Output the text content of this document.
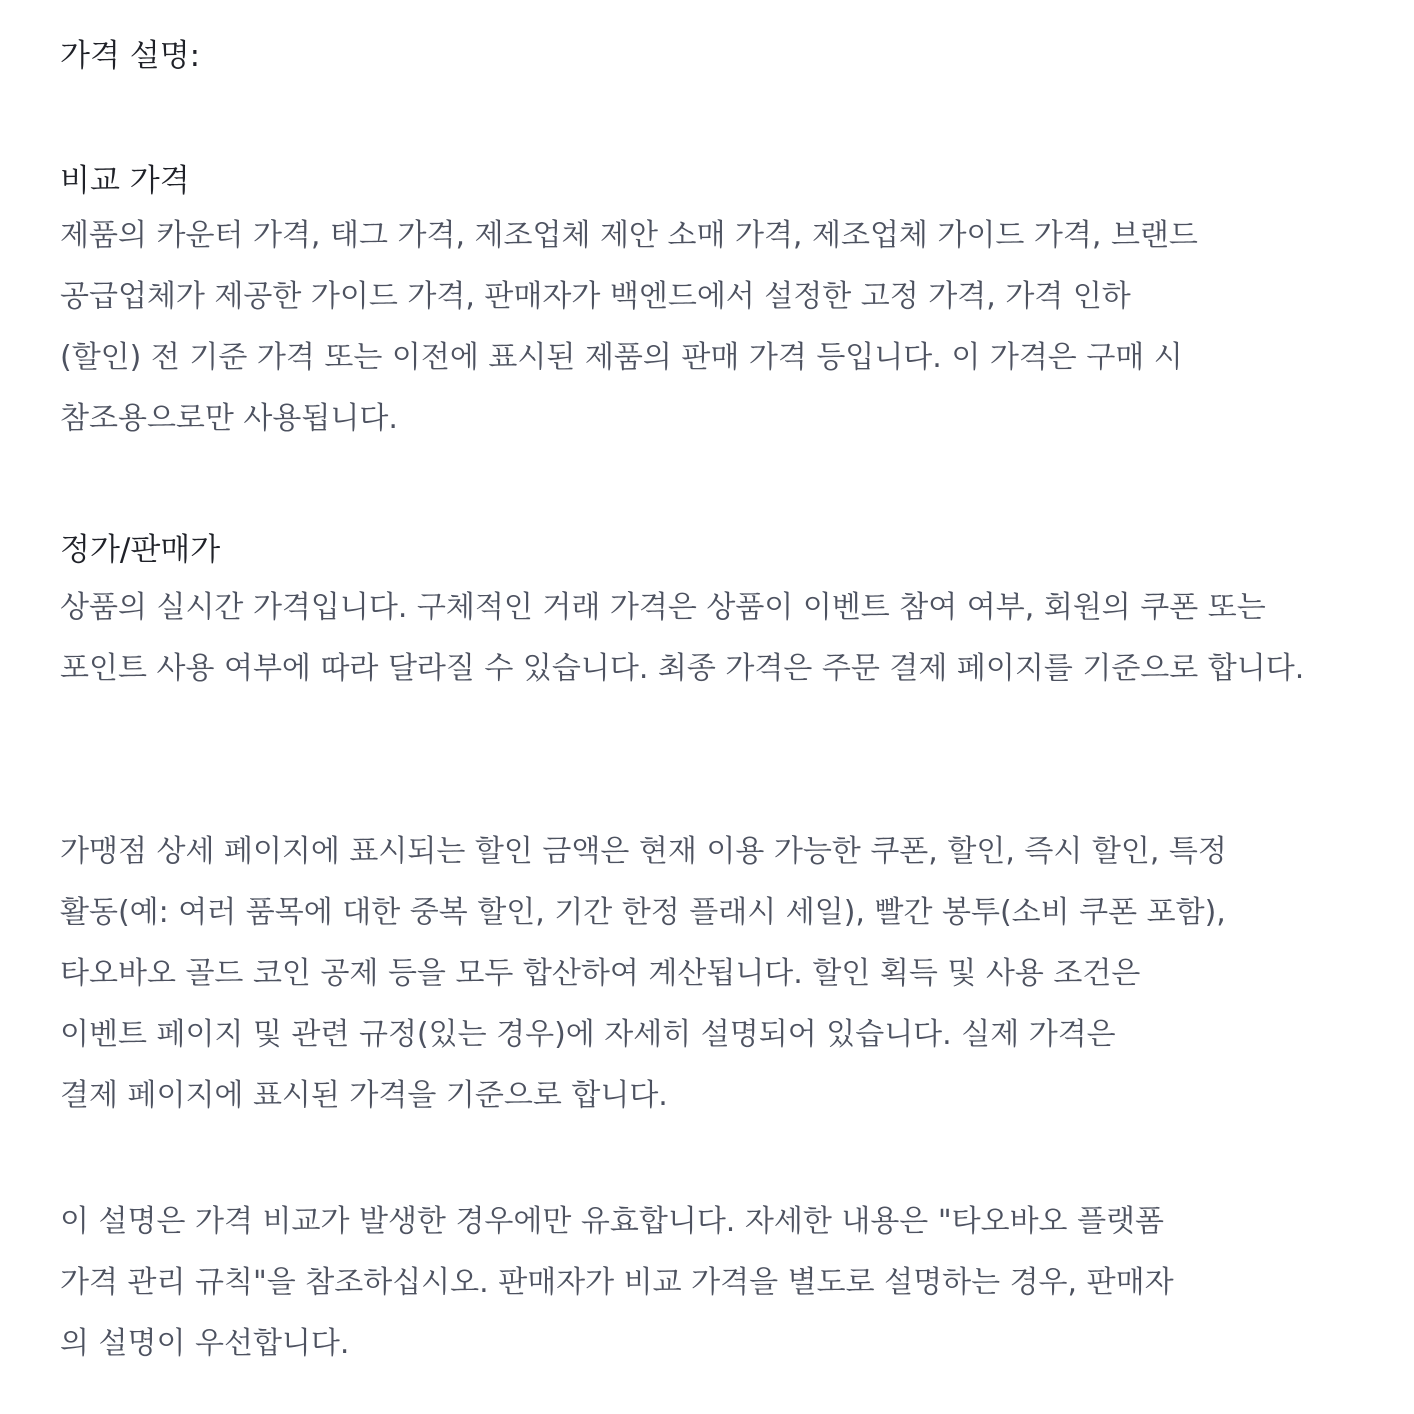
가격 설명:
비교 가격
제품의 카운터 가격, 태그 가격, 제조업체 제안 소매 가격, 제조업체 가이드 가격, 브랜드
공급업체가 제공한 가이드 가격, 판매자가 백엔드에서 설정한 고정 가격, 가격 인하
(할인) 전 기준 가격 또는 이전에 표시된 제품의 판매 가격 등입니다. 이 가격은 구매 시
참조용으로만 사용됩니다.
정가/판매가
상품의 실시간 가격입니다. 구체적인 거래 가격은 상품이 이벤트 참여 여부, 회원의 쿠폰 또는
포인트 사용 여부에 따라 달라질 수 있습니다. 최종 가격은 주문 결제 페이지를 기준으로 합니다.
가맹점 상세 페이지에 표시되는 할인 금액은 현재 이용 가능한 쿠폰, 할인, 즉시 할인, 특정
활동(예: 여러 품목에 대한 중복 할인, 기간 한정 플래시 세일), 빨간 봉투(소비 쿠폰 포함),
타오바오 골드 코인 공제 등을 모두 합산하여 계산됩니다. 할인 획득 및 사용 조건은
이벤트 페이지 및 관련 규정(있는 경우)에 자세히 설명되어 있습니다. 실제 가격은
결제 페이지에 표시된 가격을 기준으로 합니다.
이 설명은 가격 비교가 발생한 경우에만 유효합니다. 자세한 내용은 "타오바오 플랫폼
가격 관리 규칙"을 참조하십시오. 판매자가 비교 가격을 별도로 설명하는 경우, 판매자
의 설명이 우선합니다.
